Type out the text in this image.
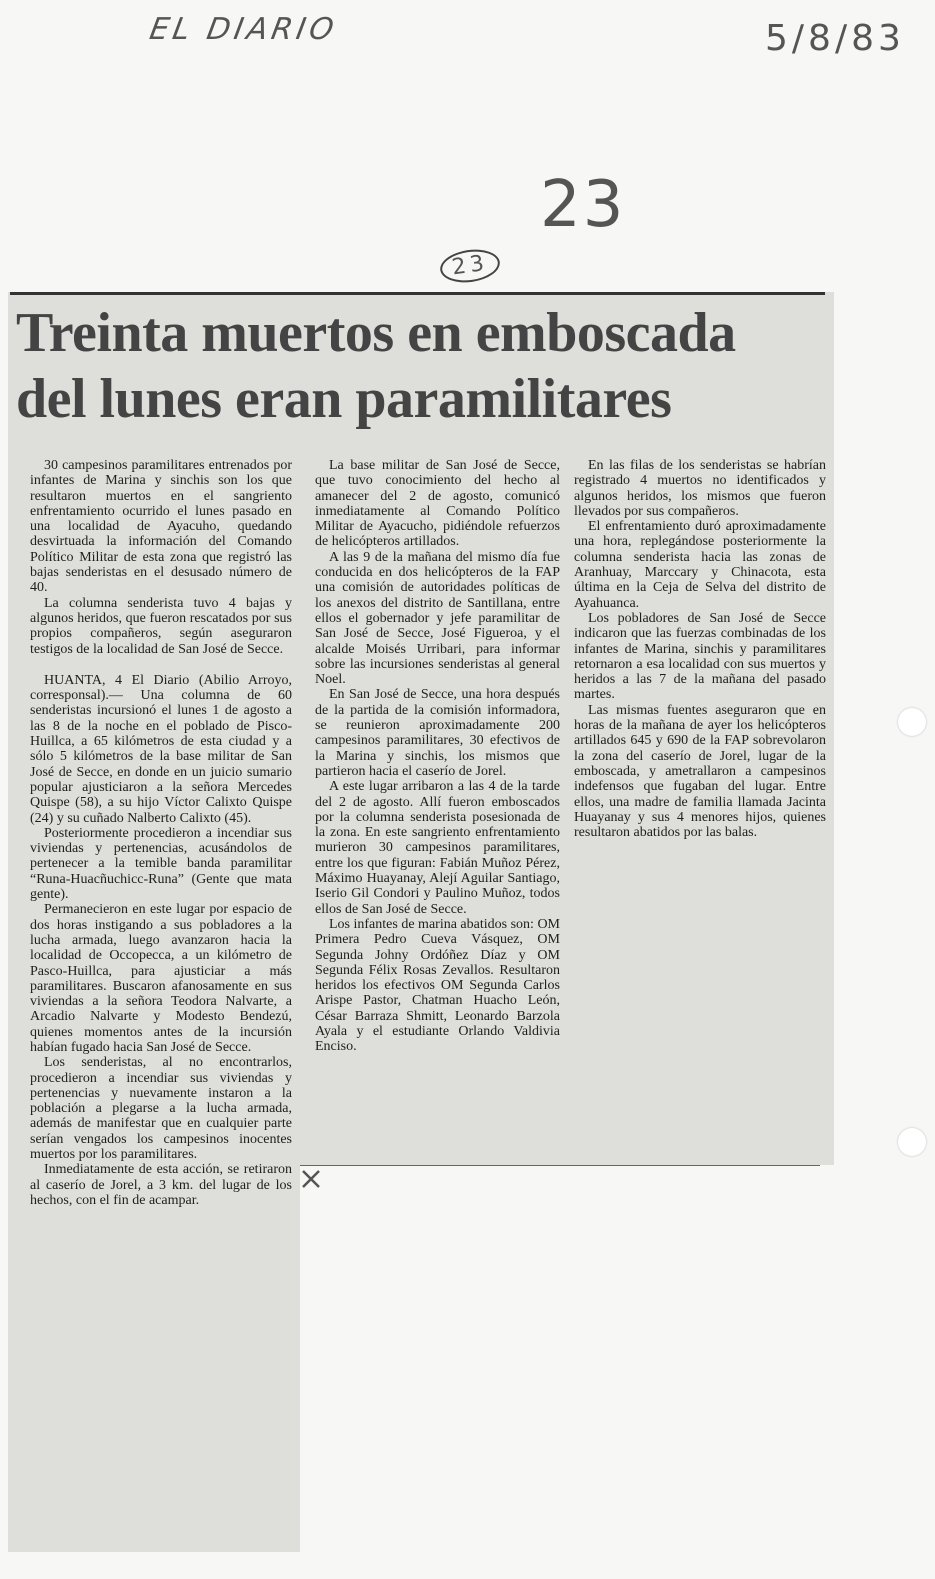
EL DIARIO	5/8/83
23
23
Treinta muertos en emboscada
del lunes eran paramilitares

30 campesinos paramilitares entrenados por infantes de Marina y sinchis son los que resultaron muertos en el sangriento enfrentamiento ocurrido el lunes pasado en una localidad de Ayacuho, quedando desvirtuada la información del Comando Político Militar de esta zona que registró las bajas senderistas en el desusado número de 40.

La columna senderista tuvo 4 bajas y algunos heridos, que fueron rescatados por sus propios compañeros, según aseguraron testigos de la localidad de San José de Secce.

HUANTA, 4 El Diario (Abilio Arroyo, corresponsal).— Una columna de 60 senderistas incursionó el lunes 1 de agosto a las 8 de la noche en el poblado de Pisco-Huillca, a 65 kilómetros de esta ciudad y a sólo 5 kilómetros de la base militar de San José de Secce, en donde en un juicio sumario popular ajusticiaron a la señora Mercedes Quispe (58), a su hijo Víctor Calixto Quispe (24) y su cuñado Nalberto Calixto (45).

Posteriormente procedieron a incendiar sus viviendas y pertenencias, acusándolos de pertenecer a la temible banda paramilitar “Runa-Huacñuchicc-Runa” (Gente que mata gente).

Permanecieron en este lugar por espacio de dos horas instigando a sus pobladores a la lucha armada, luego avanzaron hacia la localidad de Occopecca, a un kilómetro de Pasco-Huillca, para ajusticiar a más paramilitares. Buscaron afanosamente en sus viviendas a la señora Teodora Nalvarte, a Arcadio Nalvarte y Modesto Bendezú, quienes momentos antes de la incursión habían fugado hacia San José de Secce.

Los senderistas, al no encontrarlos, procedieron a incendiar sus viviendas y pertenencias y nuevamente instaron a la población a plegarse a la lucha armada, además de manifestar que en cualquier parte serían vengados los campesinos inocentes muertos por los paramilitares.

Inmediatamente de esta acción, se retiraron al caserío de Jorel, a 3 km. del lugar de los hechos, con el fin de acampar.

La base militar de San José de Secce, que tuvo conocimiento del hecho al amanecer del 2 de agosto, comunicó inmediatamente al Comando Político Militar de Ayacucho, pidiéndole refuerzos de helicópteros artillados.

A las 9 de la mañana del mismo día fue conducida en dos helicópteros de la FAP una comisión de autoridades políticas de los anexos del distrito de Santillana, entre ellos el gobernador y jefe paramilitar de San José de Secce, José Figueroa, y el alcalde Moisés Urribari, para informar sobre las incursiones senderistas al general Noel.

En San José de Secce, una hora después de la partida de la comisión informadora, se reunieron aproximadamente 200 campesinos paramilitares, 30 efectivos de la Marina y sinchis, los mismos que partieron hacia el caserío de Jorel.

A este lugar arribaron a las 4 de la tarde del 2 de agosto. Allí fueron emboscados por la columna senderista posesionada de la zona. En este sangriento enfrentamiento murieron 30 campesinos paramilitares, entre los que figuran: Fabián Muñoz Pérez, Máximo Huayanay, Alejí Aguilar Santiago, Iserio Gil Condori y Paulino Muñoz, todos ellos de San José de Secce.

Los infantes de marina abatidos son: OM Primera Pedro Cueva Vásquez, OM Segunda Johny Ordóñez Díaz y OM Segunda Félix Rosas Zevallos. Resultaron heridos los efectivos OM Segunda Carlos Arispe Pastor, Chatman Huacho León, César Barraza Shmitt, Leonardo Barzola Ayala y el estudiante Orlando Valdivia Enciso.

En las filas de los senderistas se habrían registrado 4 muertos no identificados y algunos heridos, los mismos que fueron llevados por sus compañeros.

El enfrentamiento duró aproximadamente una hora, replegándose posteriormente la columna senderista hacia las zonas de Aranhuay, Marccary y Chinacota, esta última en la Ceja de Selva del distrito de Ayahuanca.

Los pobladores de San José de Secce indicaron que las fuerzas combinadas de los infantes de Marina, sinchis y paramilitares retornaron a esa localidad con sus muertos y heridos a las 7 de la mañana del pasado martes.

Las mismas fuentes aseguraron que en horas de la mañana de ayer los helicópteros artillados 645 y 690 de la FAP sobrevolaron la zona del caserío de Jorel, lugar de la emboscada, y ametrallaron a campesinos indefensos que fugaban del lugar. Entre ellos, una madre de familia llamada Jacinta Huayanay y sus 4 menores hijos, quienes resultaron abatidos por las balas.
